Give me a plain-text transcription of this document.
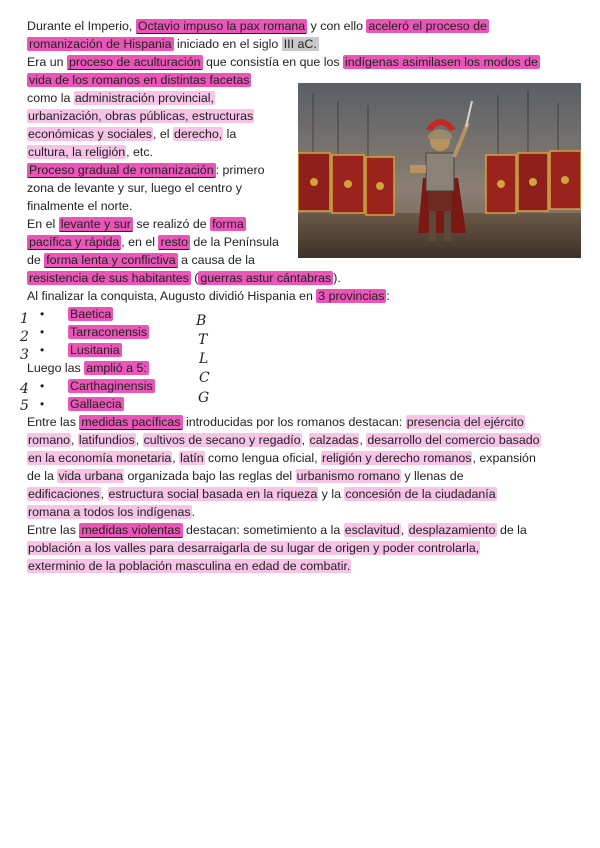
Durante el Imperio, Octavio impuso la pax romana y con ello aceleró el proceso de
romanización de Hispania iniciado en el siglo III aC.
Era un proceso de aculturación que consistía en que los indígenas asimilasen los modos de
vida de los romanos en distintas facetas
como la administración provincial,
urbanización, obras públicas, estructuras
económicas y sociales, el derecho, la
cultura, la religión, etc.
Proceso gradual de romanización : primero
zona de levante y sur, luego el centro y
finalmente el norte.
En el levante y sur se realizó de forma
pacífica y rápida , en el resto de la Península
de forma lenta y conflictiva a causa de la
resistencia de sus habitantes ( guerras astur cántabras ).
Al finalizar la conquista, Augusto dividió Hispania en 3 provincias :
1
2
3
• Baetica
• Tarraconensis
• Lusitania
Luego las amplió a 5:
4
5
• Carthaginensis
• Gallaecia
B
T
L
C
G
Entre las medidas pacíficas introducidas por los romanos destacan: presencia del ejército
romano, latifundios, cultivos de secano y regadío, calzadas, desarrollo del comercio basado
en la economía monetaria, latín como lengua oficial, religión y derecho romanos, expansión
de la vida urbana organizada bajo las reglas del urbanismo romano y llenas de
edificaciones, estructura social basada en la riqueza y la concesión de la ciudadanía
romana a todos los indígenas.
Entre las medidas violentas destacan: sometimiento a la esclavitud, desplazamiento de la
población a los valles para desarraigarla de su lugar de origen y poder controlarla,
exterminio de la población masculina en edad de combatir.
